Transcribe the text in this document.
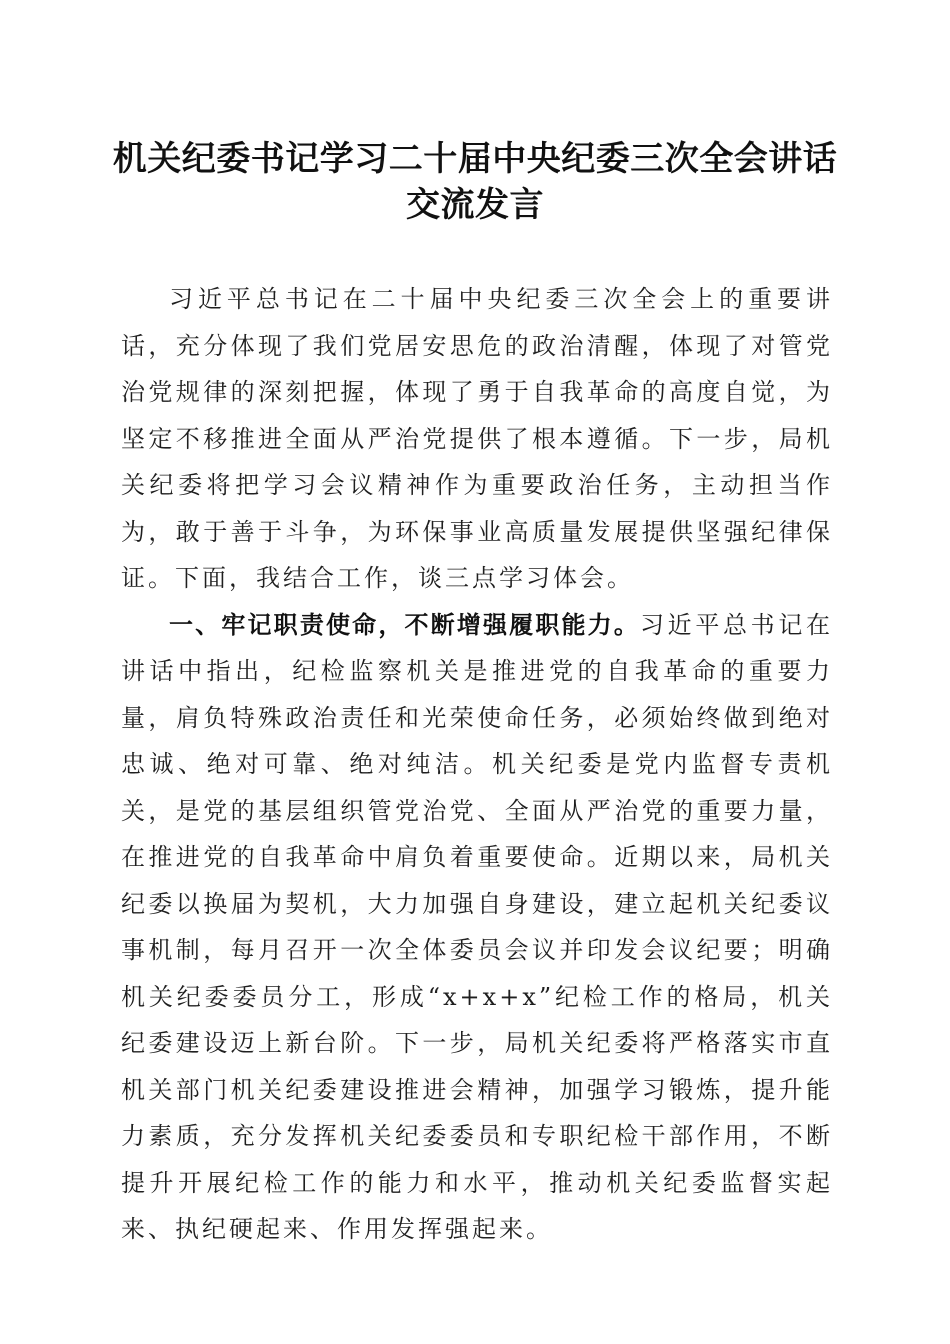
机关纪委书记学习二十届中央纪委三次全会讲话交流发言

习近平总书记在二十届中央纪委三次全会上的重要讲话，充分体现了我们党居安思危的政治清醒，体现了对管党治党规律的深刻把握，体现了勇于自我革命的高度自觉，为坚定不移推进全面从严治党提供了根本遵循。下一步，局机关纪委将把学习会议精神作为重要政治任务，主动担当作为，敢于善于斗争，为环保事业高质量发展提供坚强纪律保证。下面，我结合工作，谈三点学习体会。

一、牢记职责使命，不断增强履职能力。习近平总书记在讲话中指出，纪检监察机关是推进党的自我革命的重要力量，肩负特殊政治责任和光荣使命任务，必须始终做到绝对忠诚、绝对可靠、绝对纯洁。机关纪委是党内监督专责机关，是党的基层组织管党治党、全面从严治党的重要力量，在推进党的自我革命中肩负着重要使命。近期以来，局机关纪委以换届为契机，大力加强自身建设，建立起机关纪委议事机制，每月召开一次全体委员会议并印发会议纪要；明确机关纪委委员分工，形成“x+x+x”纪检工作的格局，机关纪委建设迈上新台阶。下一步，局机关纪委将严格落实市直机关部门机关纪委建设推进会精神，加强学习锻炼，提升能力素质，充分发挥机关纪委委员和专职纪检干部作用，不断提升开展纪检工作的能力和水平，推动机关纪委监督实起来、执纪硬起来、作用发挥强起来。
